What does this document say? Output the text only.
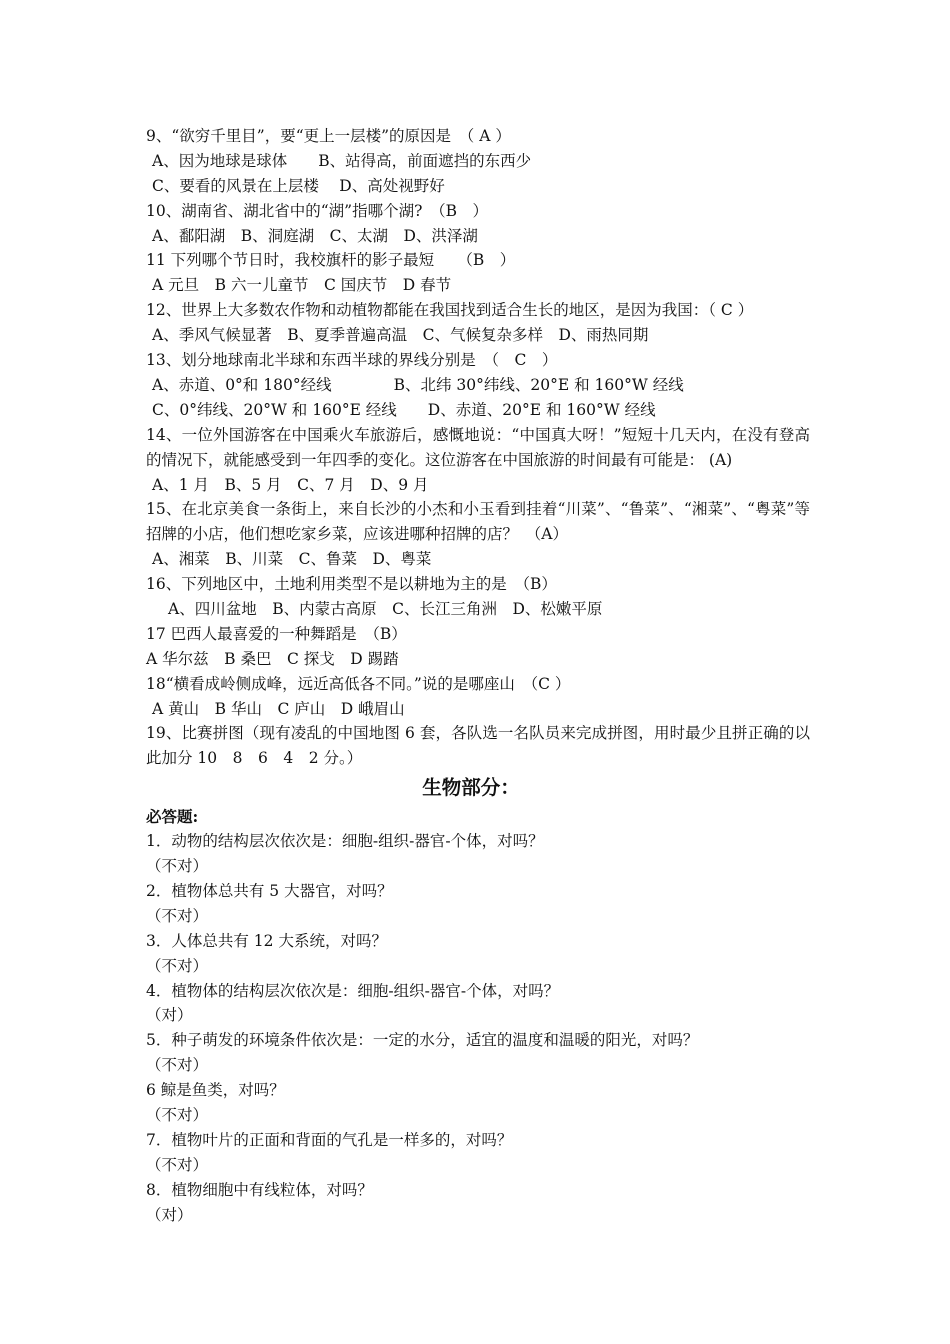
9、“欲穷千里目”，要“更上一层楼”的原因是　（ A ）
A、因为地球是球体　　B、站得高，前面遮挡的东西少
C、要看的风景在上层楼　 D、高处视野好
10、湖南省、湖北省中的“湖”指哪个湖?　（B　）
A、鄱阳湖　B、洞庭湖　C、太湖　D、洪泽湖
11 下列哪个节日时，我校旗杆的影子最短　　（B　）
A 元旦　B 六一儿童节　C 国庆节　D 春节
12、世界上大多数农作物和动植物都能在我国找到适合生长的地区，是因为我国：（ C ）
A、季风气候显著　B、夏季普遍高温　C、气候复杂多样　D、雨热同期
13、划分地球南北半球和东西半球的界线分别是　（　C　）
A、赤道、0°和 180°经线　　　　B、北纬 30°纬线、20°E 和 160°W 经线
C、0°纬线、20°W 和 160°E 经线　　D、赤道、20°E 和 160°W 经线
14、一位外国游客在中国乘火车旅游后，感慨地说：“中国真大呀！”短短十几天内，在没有登高的情况下，就能感受到一年四季的变化。这位游客在中国旅游的时间最有可能是： (A)
A、1 月　B、5 月　C、7 月　D、9 月
15、在北京美食一条街上，来自长沙的小杰和小玉看到挂着“川菜”、“鲁菜”、“湘菜”、“粤菜”等招牌的小店，他们想吃家乡菜，应该进哪种招牌的店？　（A）
A、湘菜　B、川菜　C、鲁菜　D、粤菜
16、下列地区中，土地利用类型不是以耕地为主的是　（B）
A、四川盆地　B、内蒙古高原　C、长江三角洲　D、松嫩平原
17 巴西人最喜爱的一种舞蹈是　（B）
A 华尔兹　B 桑巴　C 探戈　D 踢踏
18“横看成岭侧成峰，远近高低各不同。”说的是哪座山　（C ）
A 黄山　B 华山　C 庐山　D 峨眉山
19、比赛拼图（现有凌乱的中国地图 6 套，各队选一名队员来完成拼图，用时最少且拼正确的以此加分 10　8　6　4　2 分。）
生物部分：
必答题:
1．动物的结构层次依次是：细胞-组织-器官-个体，对吗？
（不对）
2．植物体总共有 5 大器官，对吗？
（不对）
3．人体总共有 12 大系统，对吗？
（不对）
4．植物体的结构层次依次是：细胞-组织-器官-个体，对吗？
（对）
5．种子萌发的环境条件依次是：一定的水分，适宜的温度和温暖的阳光，对吗？
（不对）
6 鲸是鱼类，对吗？
（不对）
7．植物叶片的正面和背面的气孔是一样多的，对吗？
（不对）
8．植物细胞中有线粒体，对吗？
（对）
